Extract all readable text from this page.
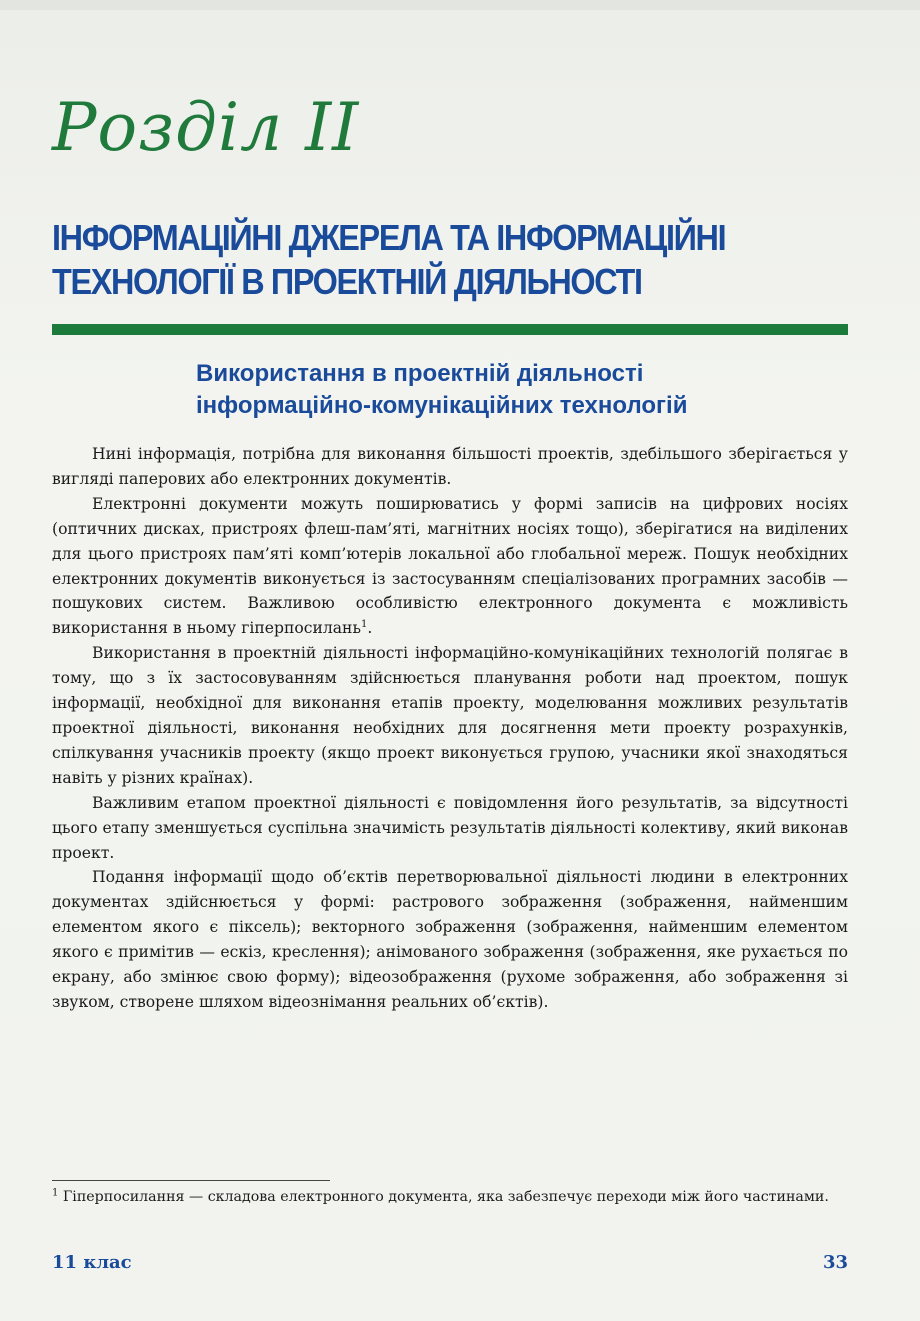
Розділ ІІ
ІНФОРМАЦІЙНІ ДЖЕРЕЛА ТА ІНФОРМАЦІЙНІ
ТЕХНОЛОГІЇ В ПРОЕКТНІЙ ДІЯЛЬНОСТІ
Використання в проектній діяльності
інформаційно-комунікаційних технологій

Нині інформація, потрібна для виконання більшості проектів, здебільшого зберігається у вигляді паперових або електронних документів.

Електронні документи можуть поширюватись у формі записів на цифрових носіях (оптичних дисках, пристроях флеш-пам’яті, магнітних носіях тощо), зберігатися на виділених для цього пристроях пам’яті комп’ютерів локальної або глобальної мереж. Пошук необхідних електронних документів виконується із застосуванням спеціалізованих програмних засобів — пошукових систем. Важливою особливістю електронного документа є можливість використання в ньому гіперпосилань$^1$.

Використання в проектній діяльності інформаційно-комунікаційних технологій полягає в тому, що з їх застосовуванням здійснюється планування роботи над проектом, пошук інформації, необхідної для виконання етапів проекту, моделювання можливих результатів проектної діяльності, виконання необхідних для досягнення мети проекту розрахунків, спілкування учасників проекту (якщо проект виконується групою, учасники якої знаходяться навіть у різних країнах).

Важливим етапом проектної діяльності є повідомлення його результатів, за відсутності цього етапу зменшується суспільна значимість результатів діяльності колективу, який виконав проект.

Подання інформації щодо об’єктів перетворювальної діяльності людини в електронних документах здійснюється у формі: растрового зображення (зображення, найменшим елементом якого є піксель); векторного зображення (зображення, найменшим елементом якого є примітив — ескіз, креслення); анімованого зображення (зображення, яке рухається по екрану, або змінює свою форму); відеозображення (рухоме зображення, або зображення зі звуком, створене шляхом відеознімання реальних об’єктів).

$^1$ Гіперпосилання — складова електронного документа, яка забезпечує переходи між його частинами.
11 клас	33
